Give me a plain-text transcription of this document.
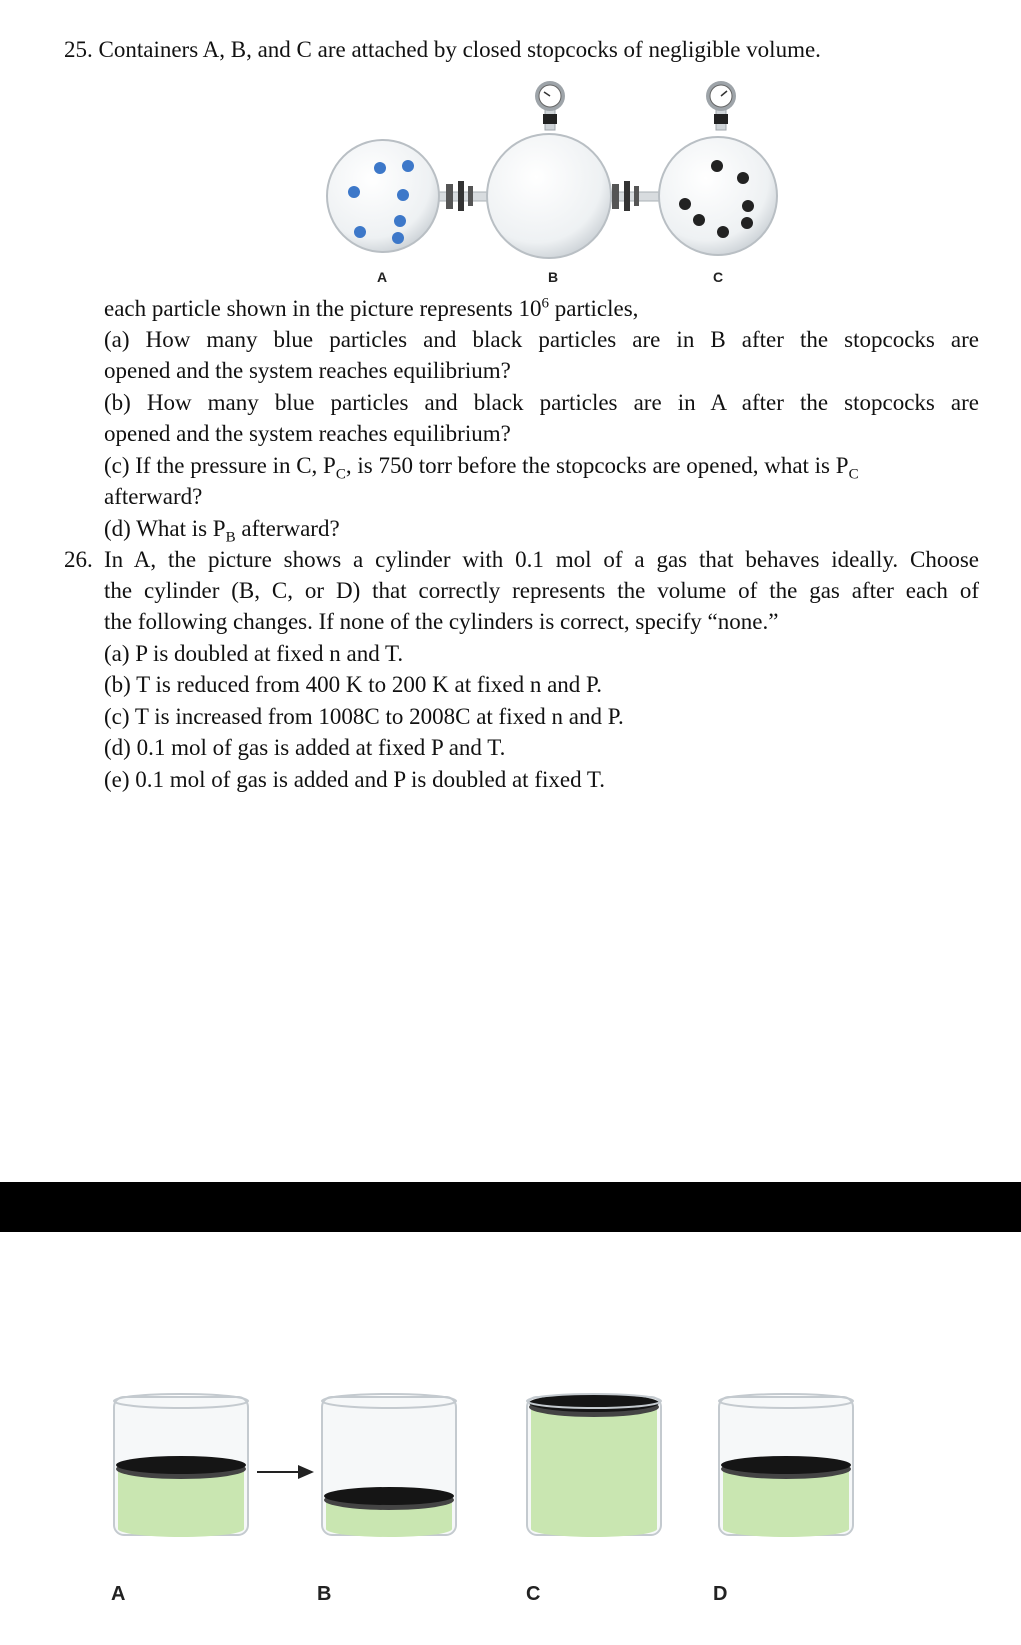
25. Containers A, B, and C are attached by closed stopcocks of negligible volume.
A	B	C
each particle shown in the picture represents $10^6$ particles,
(a) How many blue particles and black particles are in B after the stopcocks are
opened and the system reaches equilibrium?
(b) How many blue particles and black particles are in A after the stopcocks are
opened and the system reaches equilibrium?
(c) If the pressure in C, $P_C$, is 750 torr before the stopcocks are opened, what is $P_C$
afterward?
(d) What is $P_B$ afterward?
26. In A, the picture shows a cylinder with 0.1 mol of a gas that behaves ideally. Choose
the cylinder (B, C, or D) that correctly represents the volume of the gas after each of
the following changes. If none of the cylinders is correct, specify “none.”
(a) P is doubled at fixed n and T.
(b) T is reduced from 400 K to 200 K at fixed n and P.
(c) T is increased from 1008C to 2008C at fixed n and P.
(d) 0.1 mol of gas is added at fixed P and T.
(e) 0.1 mol of gas is added and P is doubled at fixed T.
A	B	C	D
